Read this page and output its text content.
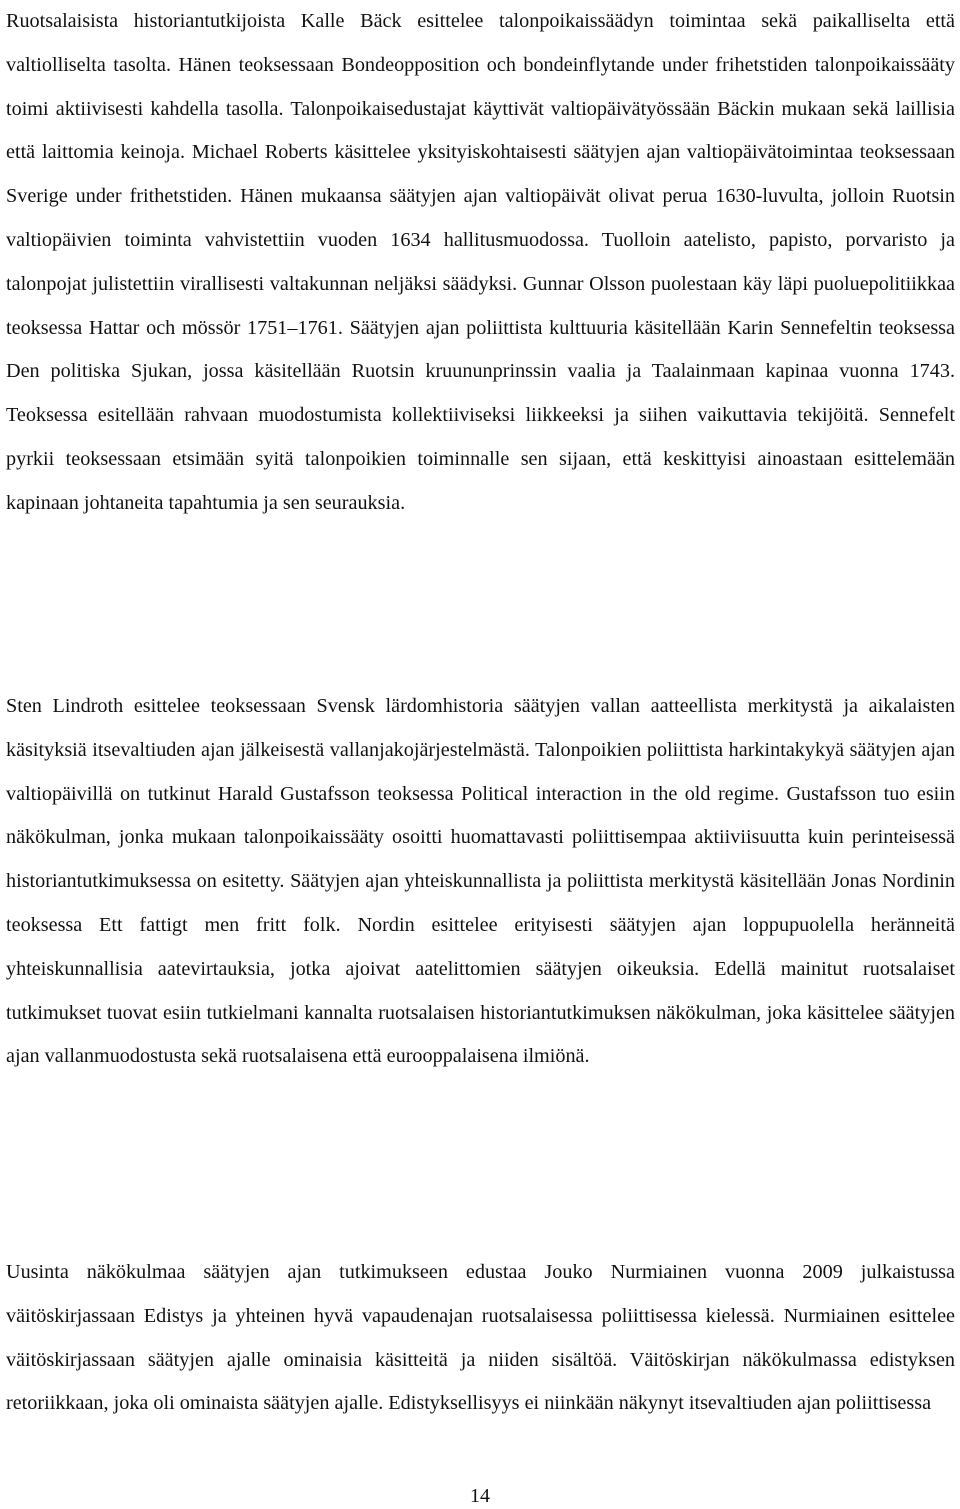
Ruotsalaisista historiantutkijoista Kalle Bäck esittelee talonpoikaissäädyn toimintaa sekä paikalliselta että valtiolliselta tasolta. Hänen teoksessaan Bondeopposition och bondeinflytande under frihetstiden talonpoikaissääty toimi aktiivisesti kahdella tasolla. Talonpoikaisedustajat käyttivät valtiopäivätyössään Bäckin mukaan sekä laillisia että laittomia keinoja. Michael Roberts käsittelee yksityiskohtaisesti säätyjen ajan valtiopäivätoimintaa teoksessaan Sverige under frithetstiden. Hänen mukaansa säätyjen ajan valtiopäivät olivat perua 1630-luvulta, jolloin Ruotsin valtiopäivien toiminta vahvistettiin vuoden 1634 hallitusmuodossa. Tuolloin aatelisto, papisto, porvaristo ja talonpojat julistettiin virallisesti valtakunnan neljäksi säädyksi. Gunnar Olsson puolestaan käy läpi puoluepolitiikkaa teoksessa Hattar och mössör 1751–1761. Säätyjen ajan poliittista kulttuuria käsitellään Karin Sennefeltin teoksessa Den politiska Sjukan, jossa käsitellään Ruotsin kruununprinssin vaalia ja Taalainmaan kapinaa vuonna 1743. Teoksessa esitellään rahvaan muodostumista kollektiiviseksi liikkeeksi ja siihen vaikuttavia tekijöitä. Sennefelt pyrkii teoksessaan etsimään syitä talonpoikien toiminnalle sen sijaan, että keskittyisi ainoastaan esittelemään kapinaan johtaneita tapahtumia ja sen seurauksia.

Sten Lindroth esittelee teoksessaan Svensk lärdomhistoria säätyjen vallan aatteellista merkitystä ja aikalaisten käsityksiä itsevaltiuden ajan jälkeisestä vallanjakojärjestelmästä. Talonpoikien poliittista harkintakykyä säätyjen ajan valtiopäivillä on tutkinut Harald Gustafsson teoksessa Political interaction in the old regime. Gustafsson tuo esiin näkökulman, jonka mukaan talonpoikaissääty osoitti huomattavasti poliittisempaa aktiiviisuutta kuin perinteisessä historiantutkimuksessa on esitetty. Säätyjen ajan yhteiskunnallista ja poliittista merkitystä käsitellään Jonas Nordinin teoksessa Ett fattigt men fritt folk. Nordin esittelee erityisesti säätyjen ajan loppupuolella heränneitä yhteiskunnallisia aatevirtauksia, jotka ajoivat aatelittomien säätyjen oikeuksia. Edellä mainitut ruotsalaiset tutkimukset tuovat esiin tutkielmani kannalta ruotsalaisen historiantutkimuksen näkökulman, joka käsittelee säätyjen ajan vallanmuodostusta sekä ruotsalaisena että eurooppalaisena ilmiönä.

Uusinta näkökulmaa säätyjen ajan tutkimukseen edustaa Jouko Nurmiainen vuonna 2009 julkaistussa väitöskirjassaan Edistys ja yhteinen hyvä vapaudenajan ruotsalaisessa poliittisessa kielessä. Nurmiainen esittelee väitöskirjassaan säätyjen ajalle ominaisia käsitteitä ja niiden sisältöä. Väitöskirjan näkökulmassa edistyksen retoriikkaan, joka oli ominaista säätyjen ajalle. Edistyksellisyys ei niinkään näkynyt itsevaltiuden ajan poliittisessa

14
